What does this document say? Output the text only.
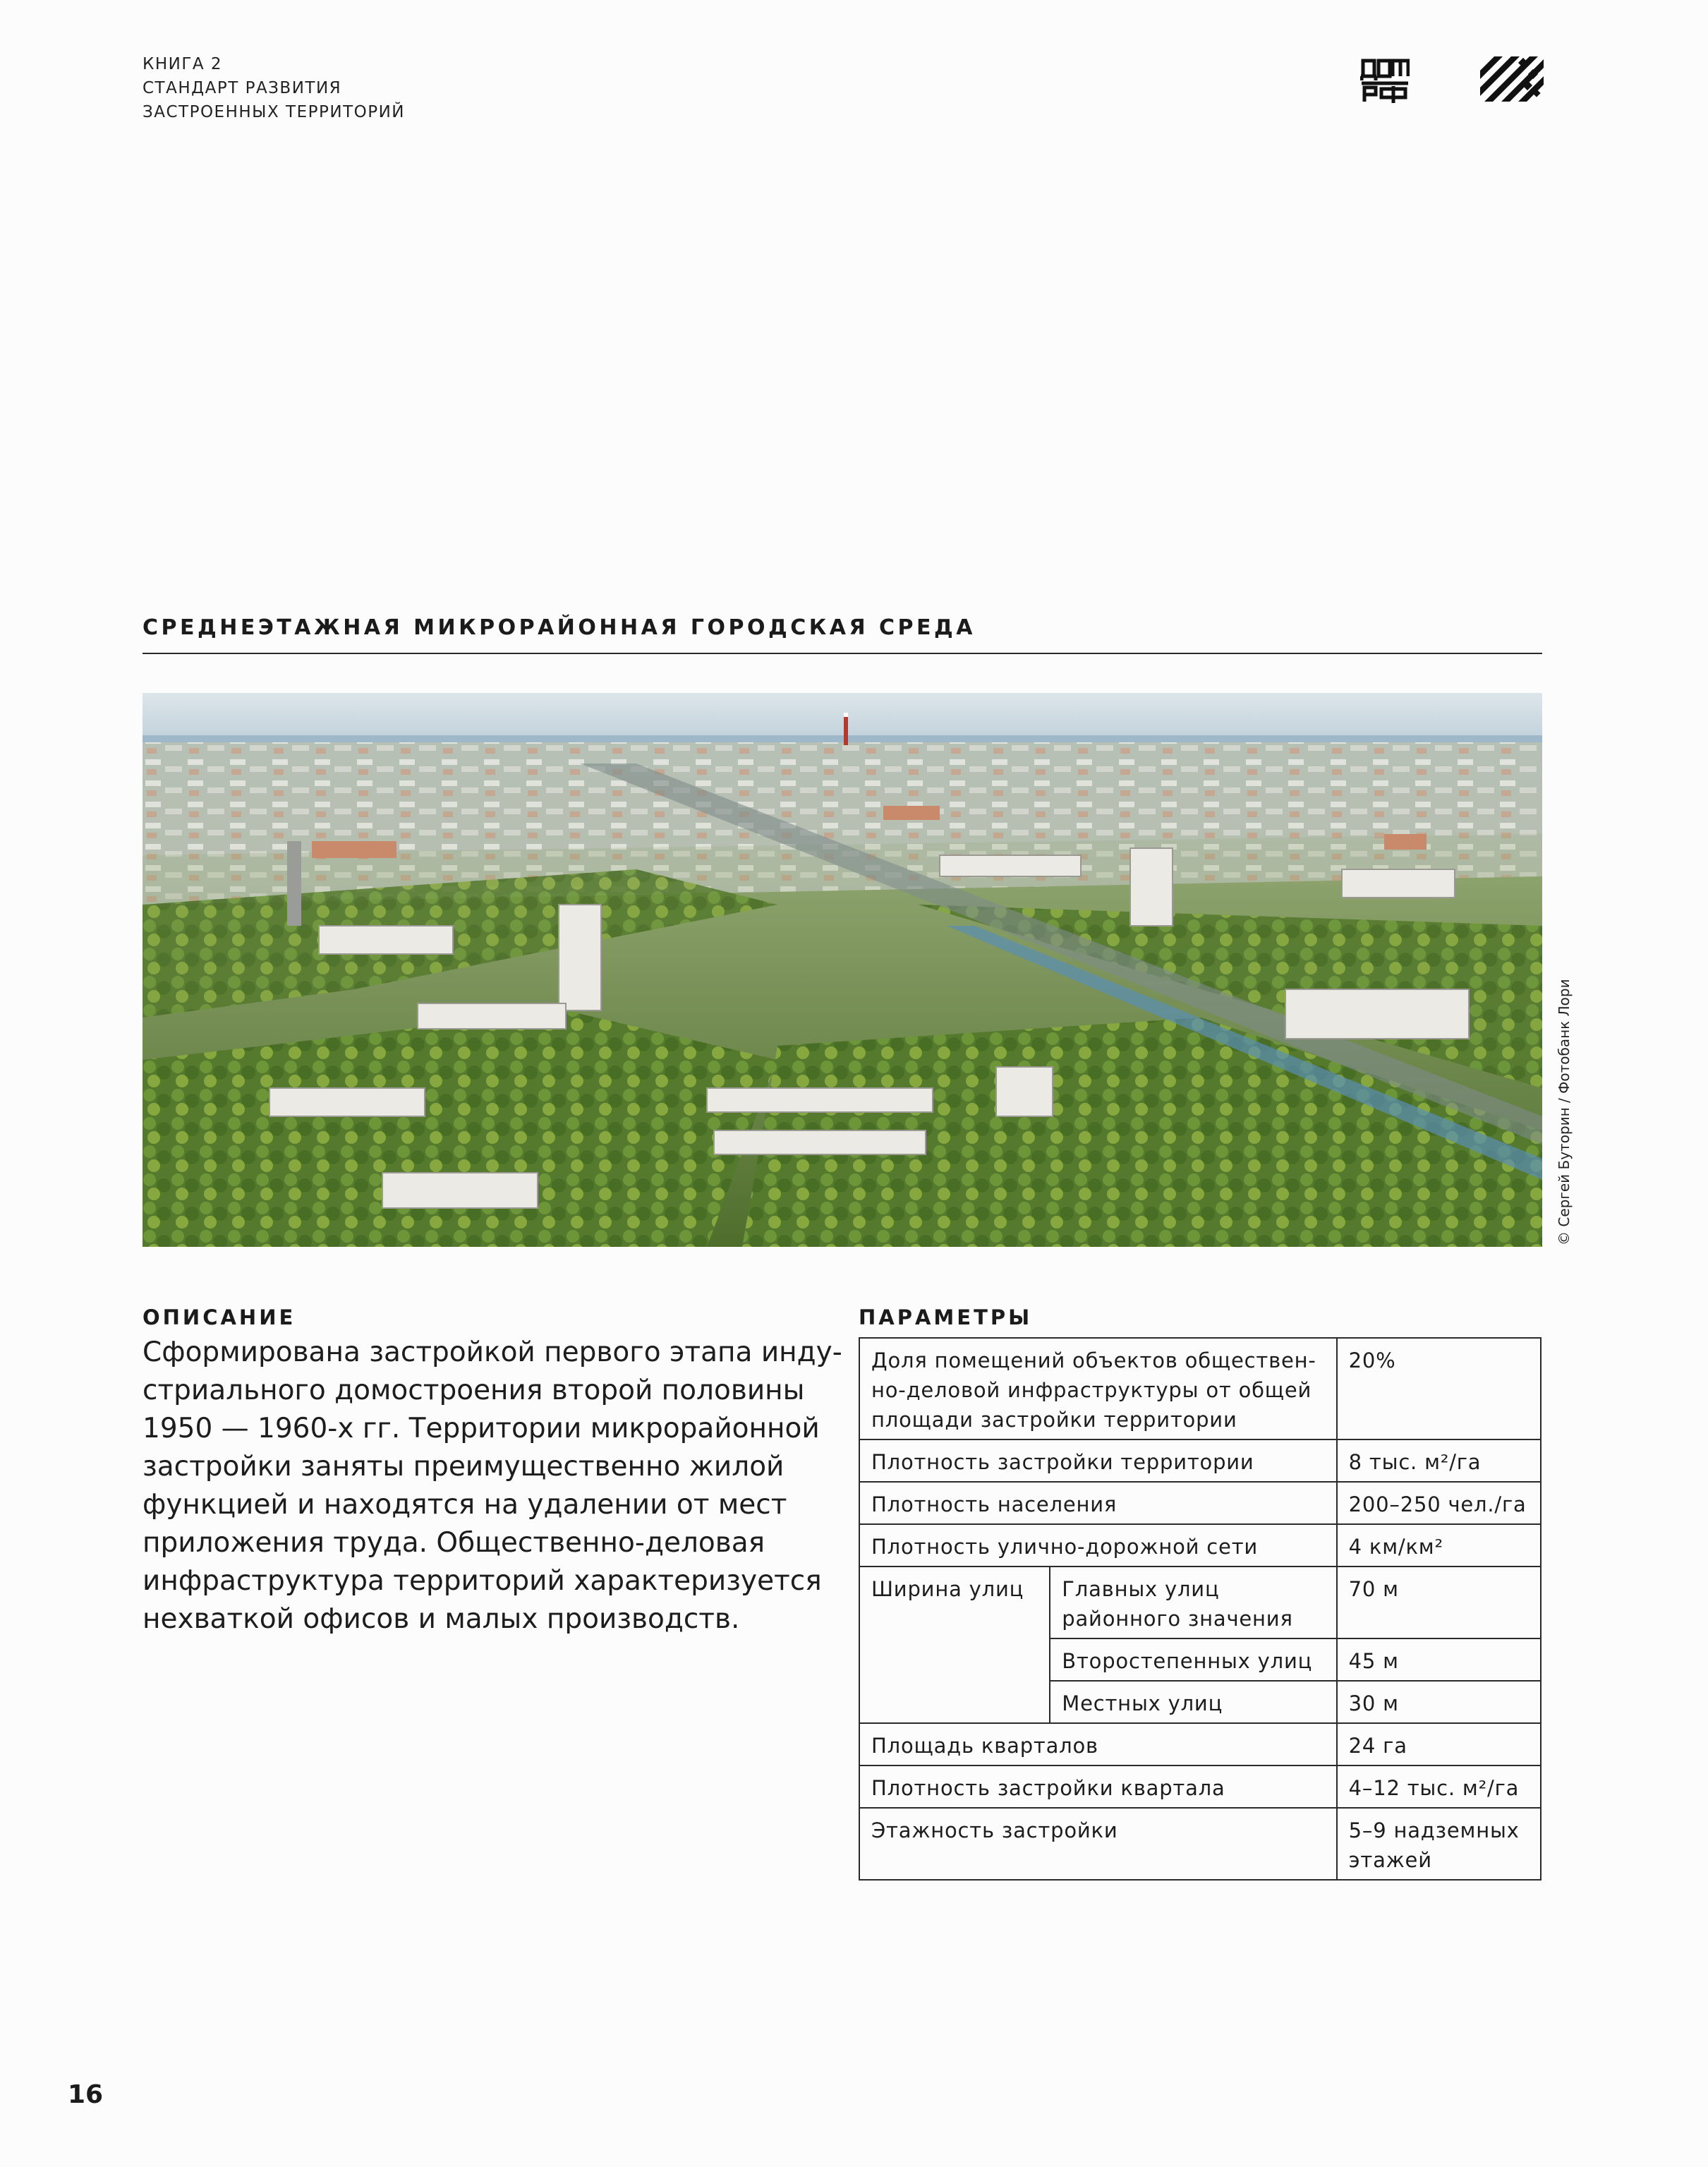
КНИГА 2
СТАНДАРТ РАЗВИТИЯ
ЗАСТРОЕННЫХ ТЕРРИТОРИЙ
СРЕДНЕЭТАЖНАЯ МИКРОРАЙОННАЯ ГОРОДСКАЯ СРЕДА
© Сергей Буторин / Фотобанк Лори
ОПИСАНИЕ
Сформирована застройкой первого этапа инду-
стриального домостроения второй половины
1950 — 1960-х гг. Территории микрорайонной
застройки заняты преимущественно жилой
функцией и находятся на удалении от мест
приложения труда. Общественно-деловая
инфраструктура территорий характеризуется
нехваткой офисов и малых производств.
ПАРАМЕТРЫ
Доля помещений объектов обществен-
но-деловой инфраструктуры от общей
площади застройки территории		20%
Плотность застройки территории		8 тыс. м²/га
Плотность населения		200–250 чел./га
Плотность улично-дорожной сети		4 км/км²
Ширина улиц	Главных улиц
районного значения	70 м
	Второстепенных улиц	45 м
	Местных улиц	30 м
Площадь кварталов		24 га
Плотность застройки квартала		4–12 тыс. м²/га
Этажность застройки		5–9 надземных
этажей
16
